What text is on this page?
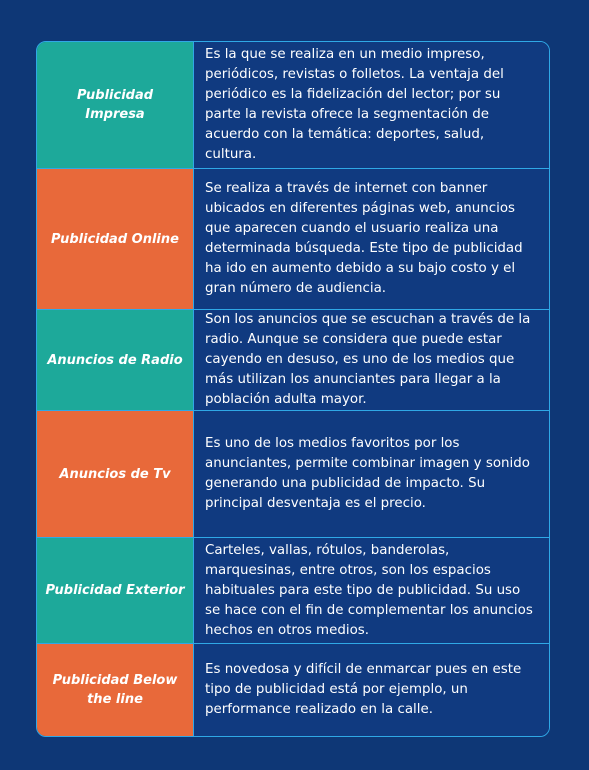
Publicidad Impresa
Es la que se realiza en un medio impreso, periódicos, revistas o folletos. La ventaja del periódico es la fidelización del lector; por su parte la revista ofrece la segmentación de acuerdo con la temática: deportes, salud, cultura.
Publicidad Online
Se realiza a través de internet con banner ubicados en diferentes páginas web, anuncios que aparecen cuando el usuario realiza una determinada búsqueda. Este tipo de publicidad ha ido en aumento debido a su bajo costo y el gran número de audiencia.
Anuncios de Radio
Son los anuncios que se escuchan a través de la radio. Aunque se considera que puede estar cayendo en desuso, es uno de los medios que más utilizan los anunciantes para llegar a la población adulta mayor.
Anuncios de Tv
Es uno de los medios favoritos por los anunciantes, permite combinar imagen y sonido generando una publicidad de impacto. Su principal desventaja es el precio.
Publicidad Exterior
Carteles, vallas, rótulos, banderolas, marquesinas, entre otros, son los espacios habituales para este tipo de publicidad. Su uso se hace con el fin de complementar los anuncios hechos en otros medios.
Publicidad Below the line
Es novedosa y difícil de enmarcar pues en este tipo de publicidad está por ejemplo, un performance realizado en la calle.
